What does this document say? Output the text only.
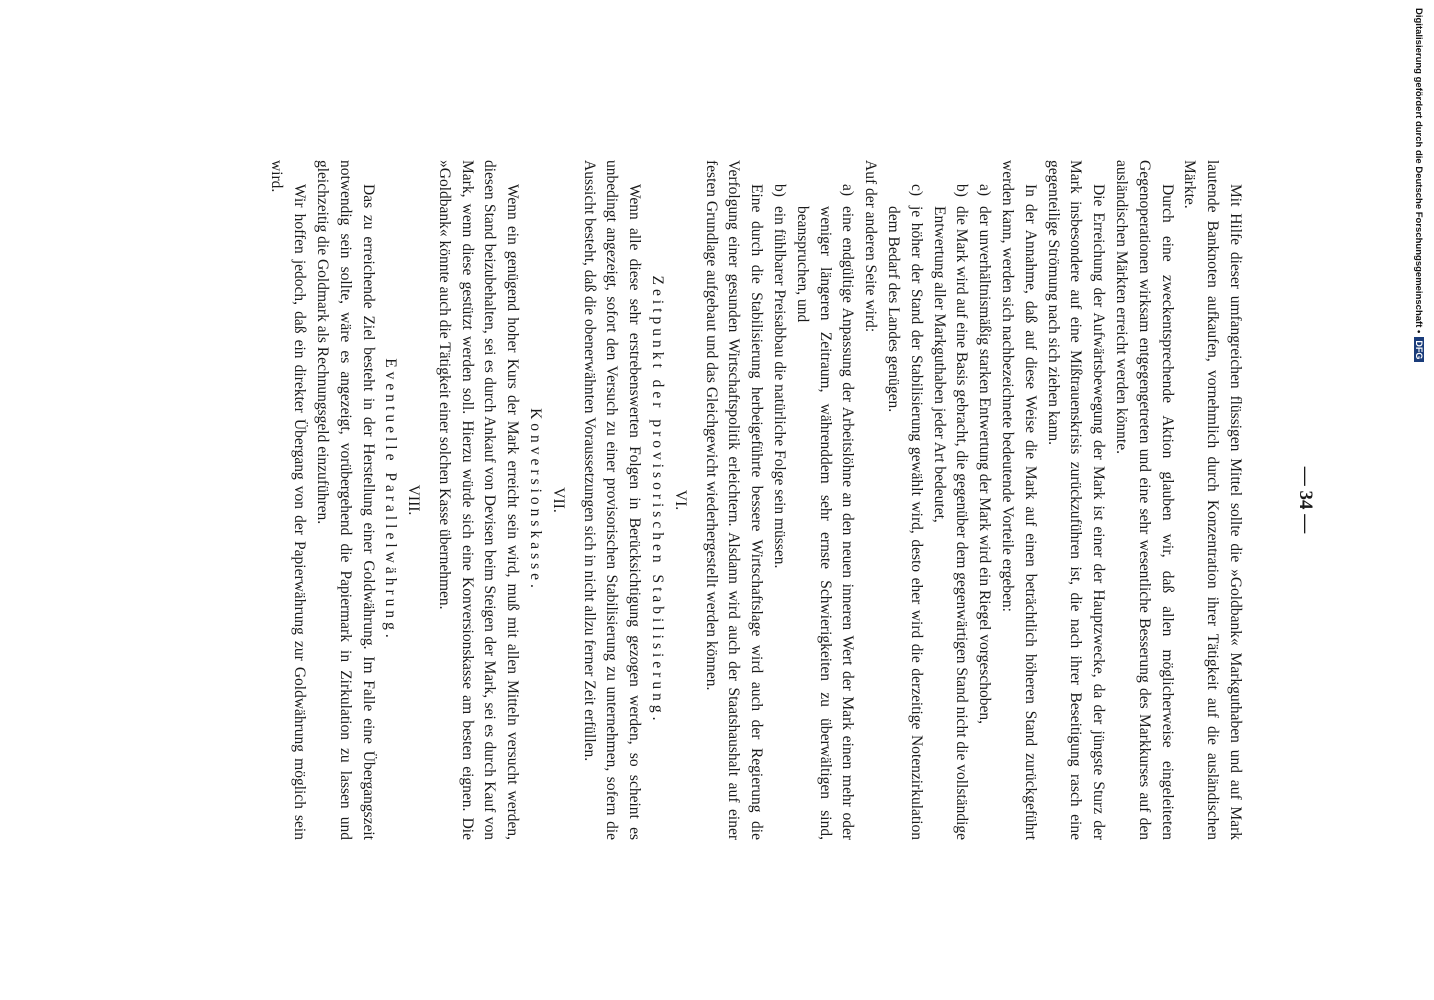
— 34 —

Mit Hilfe dieser umfangreichen flüssigen Mittel sollte die »Goldbank« Markguthaben und auf Mark lautende Banknoten aufkaufen, vornehmlich durch Konzentration ihrer Tätigkeit auf die ausländischen Märkte.

Durch eine zweckentsprechende Aktion glauben wir, daß allen möglicherweise eingeleiteten Gegenoperationen wirksam entgegengetreten und eine sehr wesentliche Besserung des Markkurses auf den ausländischen Märkten erreicht werden könnte.

Die Erreichung der Aufwärtsbewegung der Mark ist einer der Hauptzwecke, da der jüngste Sturz der Mark insbesondere auf eine Mißtrauenskrisis zurückzuführen ist, die nach ihrer Beseitigung rasch eine gegenteilige Strömung nach sich ziehen kann.

In der Annahme, daß auf diese Weise die Mark auf einen beträchtlich höheren Stand zurückgeführt werden kann, werden sich nachbezeichnete bedeutende Vorteile ergeben:

a)
der unverhältnismäßig starken Entwertung der Mark wird ein Riegel vorgeschoben,
b)
die Mark wird auf eine Basis gebracht, die gegenüber dem gegenwärtigen Stand nicht die vollständige Entwertung aller Markguthaben jeder Art bedeutet,
c)
je höher der Stand der Stabilisierung gewählt wird, desto eher wird die derzeitige Notenzirkulation dem Bedarf des Landes genügen.

Auf der anderen Seite wird:

a)
eine endgültige Anpassung der Arbeitslöhne an den neuen inneren Wert der Mark einen mehr oder weniger längeren Zeitraum, währenddem sehr ernste Schwierigkeiten zu überwältigen sind, beanspruchen, und
b)
ein fühlbarer Preisabbau die natürliche Folge sein müssen.

Eine durch die Stabilisierung herbeigeführte bessere Wirtschaftslage wird auch der Regierung die Verfolgung einer gesunden Wirtschaftspolitik erleichtern. Alsdann wird auch der Staatshaushalt auf einer festen Grundlage aufgebaut und das Gleichgewicht wiederhergestellt werden können.

VI.

Zeitpunkt der provisorischen Stabilisierung.

Wenn alle diese sehr erstrebenswerten Folgen in Berücksichtigung gezogen werden, so scheint es unbedingt angezeigt, sofort den Versuch zu einer provisorischen Stabilisierung zu unternehmen, sofern die Aussicht besteht, daß die obenerwähnten Voraussetzungen sich in nicht allzu ferner Zeit erfüllen.

VII.

Konversionskasse.

Wenn ein genügend hoher Kurs der Mark erreicht sein wird, muß mit allen Mitteln versucht werden, diesen Stand beizubehalten, sei es durch Ankauf von Devisen beim Steigen der Mark, sei es durch Kauf von Mark, wenn diese gestützt werden soll. Hierzu würde sich eine Konversionskasse am besten eignen. Die »Goldbank« könnte auch die Tätigkeit einer solchen Kasse übernehmen.

VIII.

Eventuelle Parallelwährung.

Das zu erreichende Ziel besteht in der Herstellung einer Goldwährung. Im Falle eine Übergangszeit notwendig sein sollte, wäre es angezeigt, vorübergehend die Papiermark in Zirkulation zu lassen und gleichzeitig die Goldmark als Rechnungsgeld einzuführen.

Wir hoffen jedoch, daß ein direkter Übergang von der Papierwährung zur Goldwährung möglich sein wird.	Digitalisierung gefördert durch die Deutsche Forschungsgemeinschaft •DFG
